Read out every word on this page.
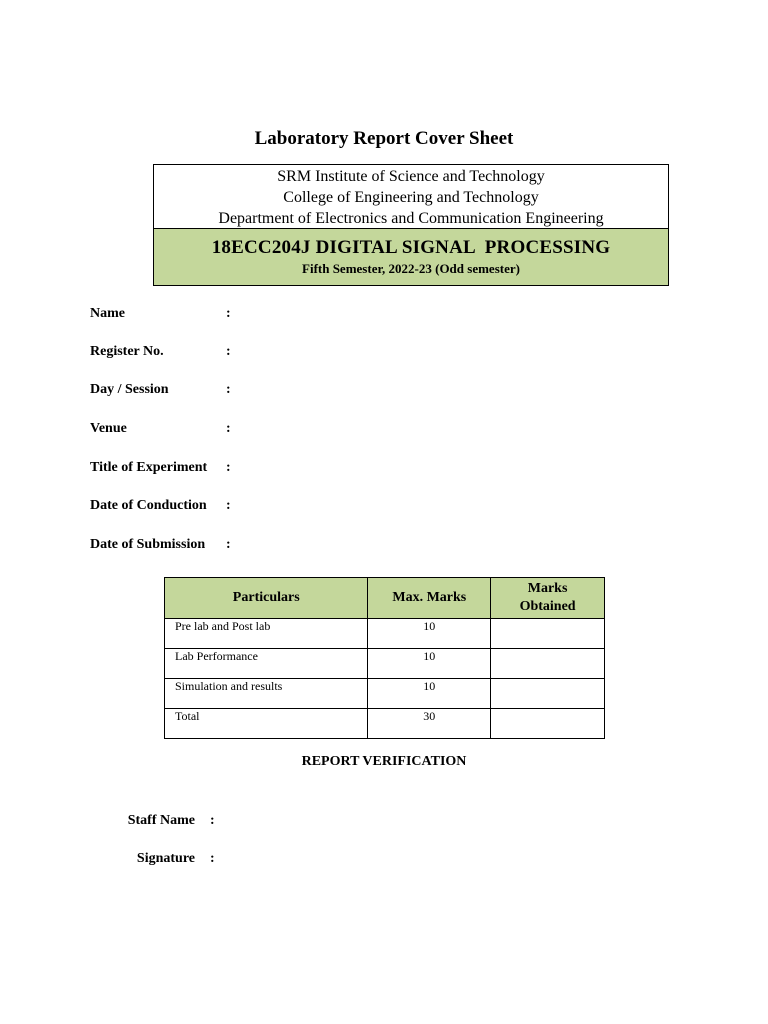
Laboratory Report Cover Sheet
SRM Institute of Science and Technology
College of Engineering and Technology
Department of Electronics and Communication Engineering
18ECC204J DIGITAL SIGNAL  PROCESSING
Fifth Semester, 2022-23 (Odd semester)
Name	:
Register No.	:
Day / Session	:
Venue	:
Title of Experiment	:
Date of Conduction	:
Date of Submission	:
Particulars	Max. Marks	Marks Obtained
Pre lab and Post lab	10	
Lab Performance	10	
Simulation and results	10	
Total	30	
REPORT VERIFICATION
Staff Name :
Signature :
